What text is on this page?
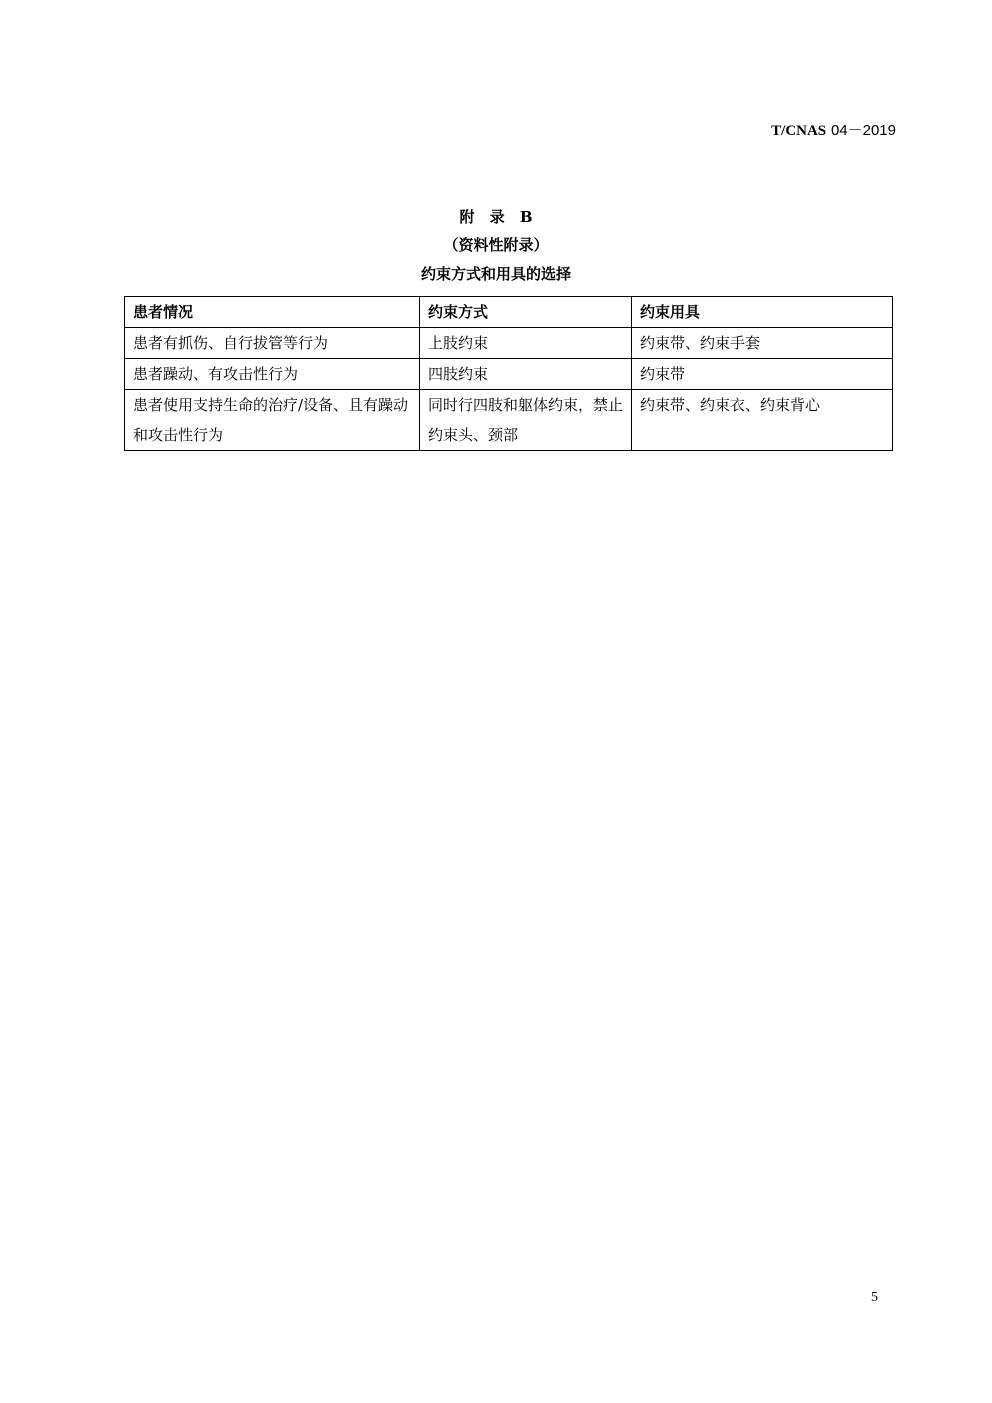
T/CNAS 04－2019
附 录 B
（资料性附录）
约束方式和用具的选择
患者情况	约束方式	约束用具
患者有抓伤、自行拔管等行为	上肢约束	约束带、约束手套
患者躁动、有攻击性行为	四肢约束	约束带
患者使用支持生命的治疗/设备、且有躁动和攻击性行为	同时行四肢和躯体约束，禁止约束头、颈部	约束带、约束衣、约束背心
5
